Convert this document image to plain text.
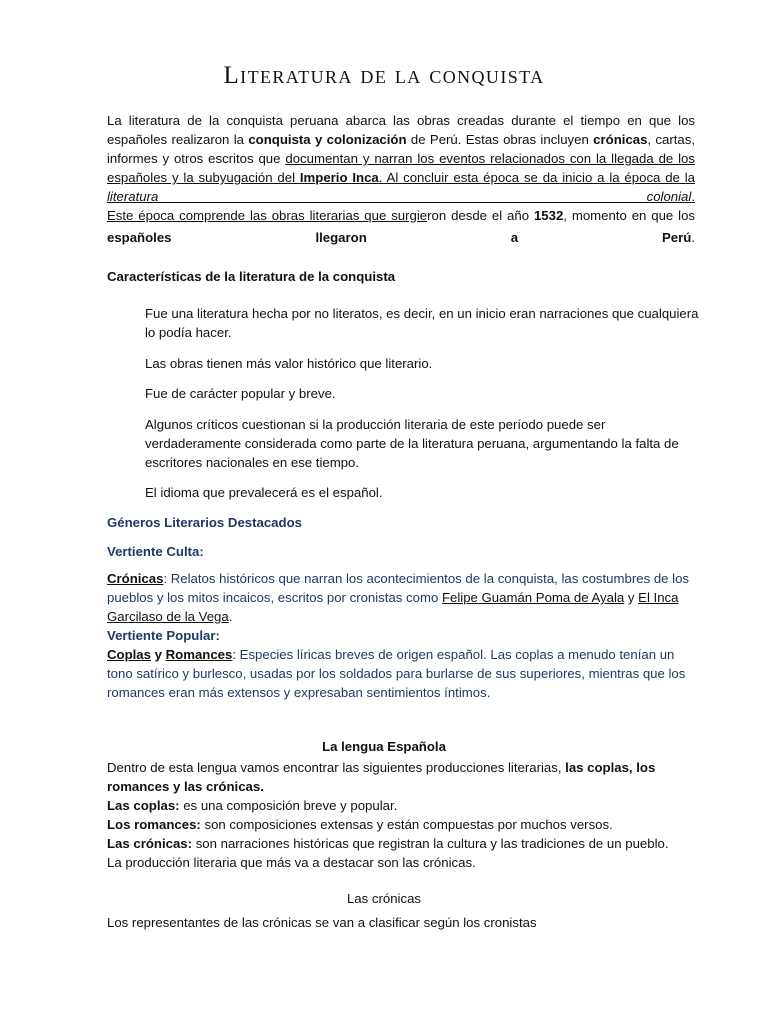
Literatura de la conquista
La literatura de la conquista peruana abarca las obras creadas durante el tiempo en que los españoles realizaron la conquista y colonización de Perú. Estas obras incluyen crónicas, cartas, informes y otros escritos que documentan y narran los eventos relacionados con la llegada de los españoles y la subyugación del Imperio Inca. Al concluir esta época se da inicio a la época de la literatura colonial.
Este época comprende las obras literarias que surgieron desde el año 1532, momento en que los españoles llegaron a Perú.
Características de la literatura de la conquista
Fue una literatura hecha por no literatos, es decir, en un inicio eran narraciones que cualquiera lo podía hacer.
Las obras tienen más valor histórico que literario.
Fue de carácter popular y breve.
Algunos críticos cuestionan si la producción literaria de este período puede ser verdaderamente considerada como parte de la literatura peruana, argumentando la falta de escritores nacionales en ese tiempo.
El idioma que prevalecerá es el español.
Géneros Literarios Destacados
Vertiente Culta:
Crónicas: Relatos históricos que narran los acontecimientos de la conquista, las costumbres de los pueblos y los mitos incaicos, escritos por cronistas como Felipe Guamán Poma de Ayala y El Inca Garcilaso de la Vega.
Vertiente Popular:
Coplas y Romances: Especies líricas breves de origen español. Las coplas a menudo tenían un tono satírico y burlesco, usadas por los soldados para burlarse de sus superiores, mientras que los romances eran más extensos y expresaban sentimientos íntimos.
La lengua Española
Dentro de esta lengua vamos encontrar las siguientes producciones literarias, las coplas, los romances y las crónicas.
Las coplas: es una composición breve y popular.
Los romances: son composiciones extensas y están compuestas por muchos versos.
Las crónicas: son narraciones históricas que registran la cultura y las tradiciones de un pueblo.
La producción literaria que más va a destacar son las crónicas.
Las crónicas
Los representantes de las crónicas se van a clasificar según los cronistas
